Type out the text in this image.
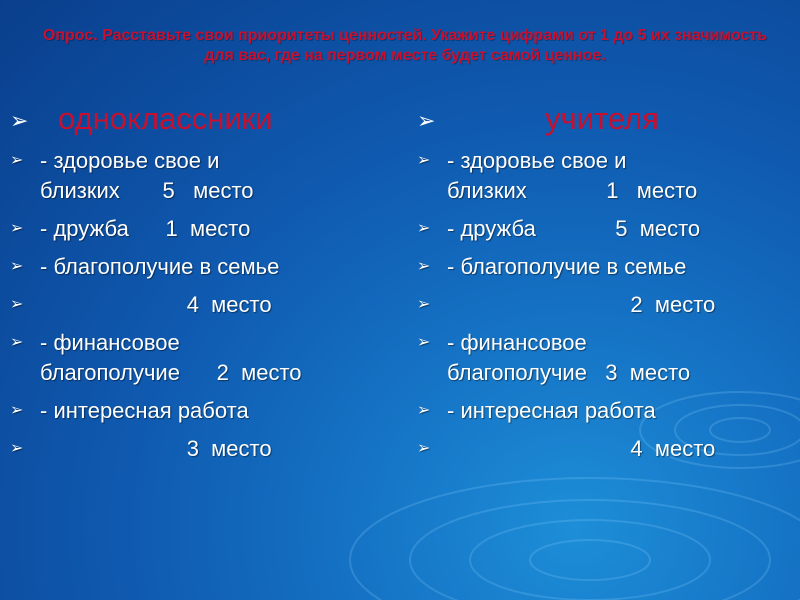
Опрос. Расставьте свои приоритеты ценностей. Укажите цифрами от 1 до 5 их значимость для вас, где на первом месте будет самой ценное.
➢ одноклассники
➢ - здоровье свое и
близких       5   место
➢ - дружба      1  место
➢ - благополучие в семье
➢ 4  место
➢ - финансовое
благополучие      2  место
➢ - интересная работа
➢ 3  место
➢	учителя
➢ - здоровье свое и
близких             1   место
➢ - дружба             5  место
➢ - благополучие в семье
➢ 2  место
➢ - финансовое
благополучие   3  место
➢ - интересная работа
➢ 4  место
